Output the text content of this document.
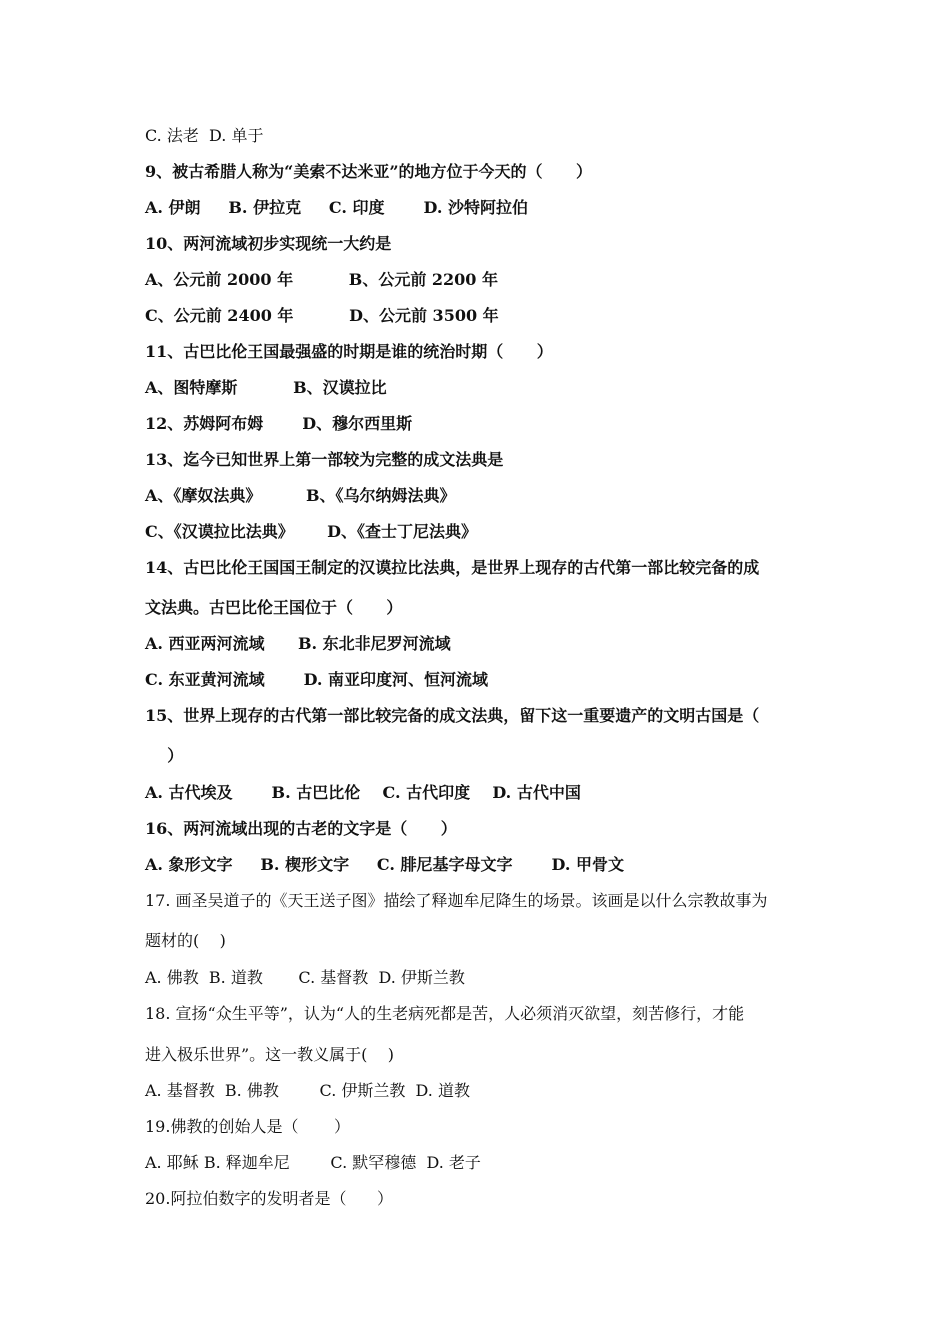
C. 法老  D. 单于
9、被古希腊人称为“美索不达米亚”的地方位于今天的（      ）
A. 伊朗     B. 伊拉克     C. 印度       D. 沙特阿拉伯
10、两河流域初步实现统一大约是
A、公元前 2000 年          B、公元前 2200 年
C、公元前 2400 年          D、公元前 3500 年
11、古巴比伦王国最强盛的时期是谁的统治时期（      ）
A、图特摩斯          B、汉谟拉比
12、苏姆阿布姆       D、穆尔西里斯
13、迄今已知世界上第一部较为完整的成文法典是
A、《摩奴法典》        B、《乌尔纳姆法典》
C、《汉谟拉比法典》      D、《查士丁尼法典》
14、古巴比伦王国国王制定的汉谟拉比法典，是世界上现存的古代第一部比较完备的成
文法典。古巴比伦王国位于（      ）
A. 西亚两河流域      B. 东北非尼罗河流域
C. 东亚黄河流域       D. 南亚印度河、恒河流域
15、世界上现存的古代第一部比较完备的成文法典，留下这一重要遗产的文明古国是（
）
A. 古代埃及       B. 古巴比伦    C. 古代印度    D. 古代中国
16、两河流域出现的古老的文字是（      ）
A. 象形文字     B. 楔形文字     C. 腓尼基字母文字       D. 甲骨文
17. 画圣吴道子的《天王送子图》描绘了释迦牟尼降生的场景。该画是以什么宗教故事为
题材的(    )
A. 佛教  B. 道教       C. 基督教  D. 伊斯兰教
18. 宣扬“众生平等”，认为“人的生老病死都是苦，人必须消灭欲望，刻苦修行，才能
进入极乐世界”。这一教义属于(    )
A. 基督教  B. 佛教        C. 伊斯兰教  D. 道教
19.佛教的创始人是（       ）
A. 耶稣 B. 释迦牟尼        C. 默罕穆德  D. 老子
20.阿拉伯数字的发明者是（      ）
